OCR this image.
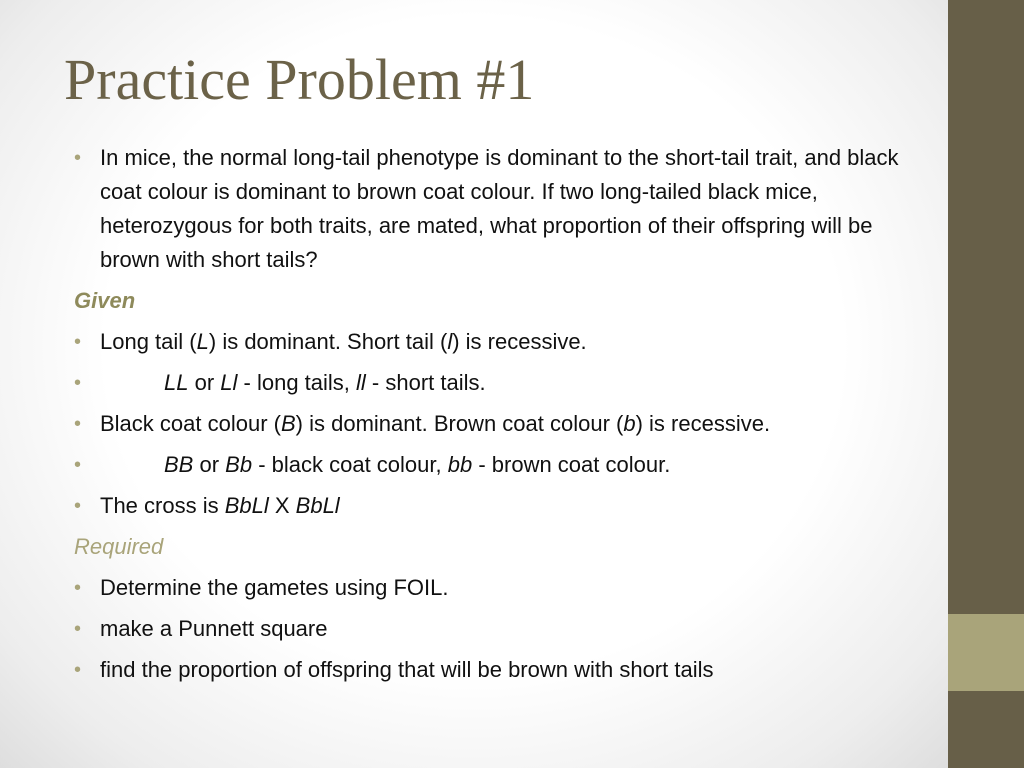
Practice Problem #1
• In mice, the normal long-tail phenotype is dominant to the short-tail trait, and black coat colour is dominant to brown coat colour. If two long-tailed black mice, heterozygous for both traits, are mated, what proportion of their offspring will be brown with short tails?
Given
• Long tail (L) is dominant. Short tail (l) is recessive.
•	LL or Ll - long tails, ll - short tails.
• Black coat colour (B) is dominant. Brown coat colour (b) is recessive.
•	BB or Bb - black coat colour, bb - brown coat colour.
• The cross is BbLl X BbLl
Required
• Determine the gametes using FOIL.
• make a Punnett square
• find the proportion of offspring that will be brown with short tails
